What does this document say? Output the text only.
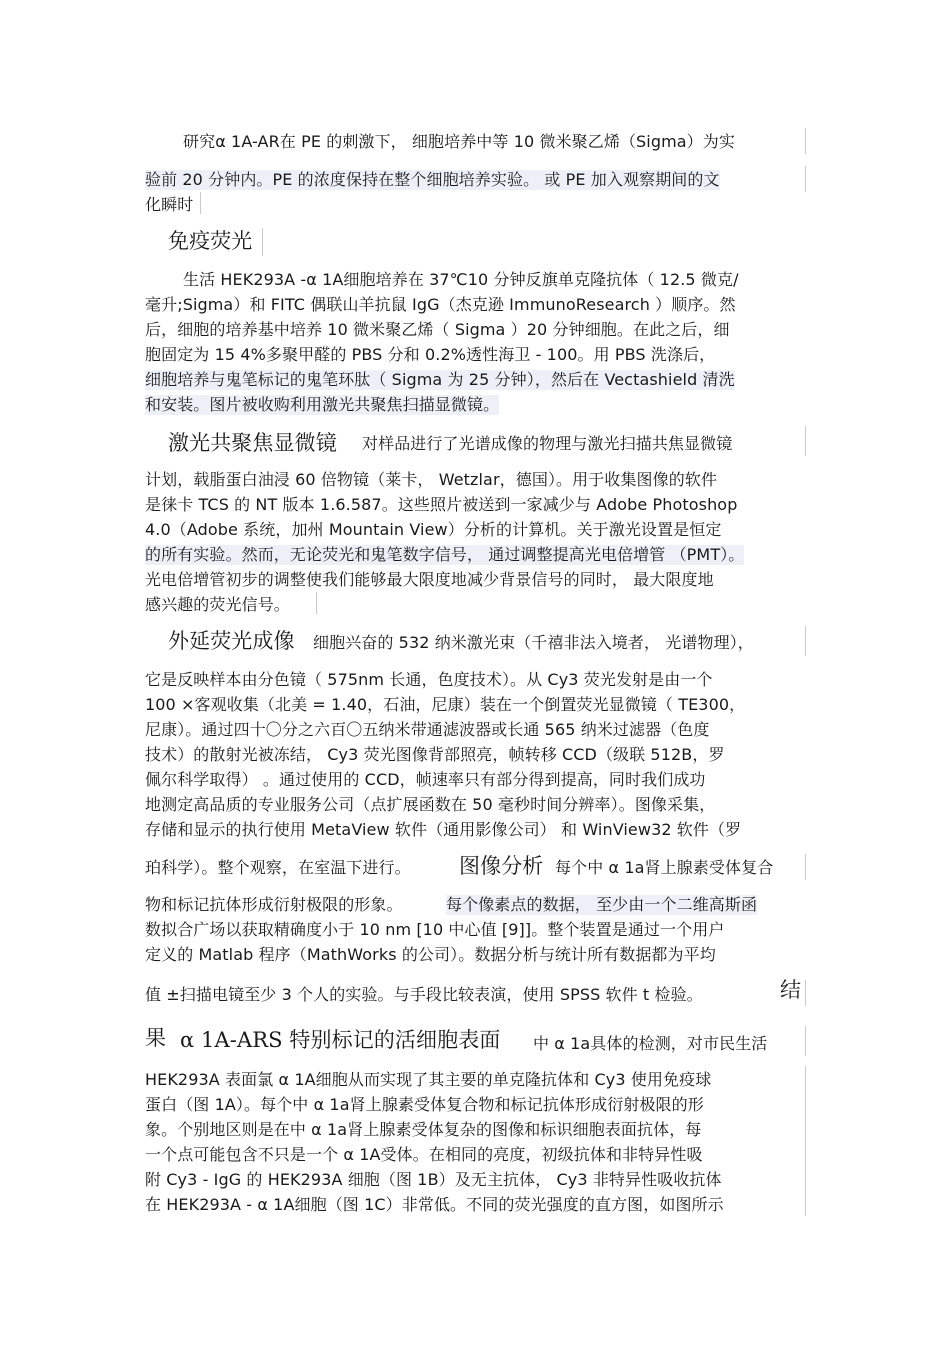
研究α 1A-AR在 PE 的刺激下， 细胞培养中等 10 微米聚乙烯（Sigma）为实
验前 20 分钟内。PE 的浓度保持在整个细胞培养实验。 或 PE 加入观察期间的文
化瞬时
免疫荧光
生活 HEK293A -α 1A细胞培养在 37℃10 分钟反旗单克隆抗体（ 12.5 微克/
毫升;Sigma）和 FITC 偶联山羊抗鼠 IgG（杰克逊 ImmunoResearch ）顺序。然
后，细胞的培养基中培养 10 微米聚乙烯（ Sigma ）20 分钟细胞。在此之后，细
胞固定为 15 4%多聚甲醛的 PBS 分和 0.2%透性海卫 - 100。用 PBS 洗涤后，
细胞培养与鬼笔标记的鬼笔环肽（ Sigma 为 25 分钟），然后在 Vectashield 清洗
和安装。图片被收购利用激光共聚焦扫描显微镜。
激光共聚焦显微镜 对样品进行了光谱成像的物理与激光扫描共焦显微镜
计划，载脂蛋白油浸 60 倍物镜（莱卡， Wetzlar，德国）。用于收集图像的软件
是徕卡 TCS 的 NT 版本 1.6.587。这些照片被送到一家减少与 Adobe Photoshop
4.0（Adobe 系统，加州 Mountain View）分析的计算机。关于激光设置是恒定
的所有实验。然而，无论荧光和鬼笔数字信号， 通过调整提高光电倍增管 （PMT）。
光电倍增管初步的调整使我们能够最大限度地减少背景信号的同时， 最大限度地
感兴趣的荧光信号。
外延荧光成像 细胞兴奋的 532 纳米激光束（千禧非法入境者， 光谱物理），
它是反映样本由分色镜（ 575nm 长通，色度技术）。从 Cy3 荧光发射是由一个
100 ×客观收集（北美 = 1.40，石油，尼康）装在一个倒置荧光显微镜（ TE300，
尼康）。通过四十〇分之六百〇五纳米带通滤波器或长通 565 纳米过滤器（色度
技术）的散射光被冻结， Cy3 荧光图像背部照亮，帧转移 CCD（级联 512B，罗
佩尔科学取得） 。通过使用的 CCD，帧速率只有部分得到提高，同时我们成功
地测定高品质的专业服务公司（点扩展函数在 50 毫秒时间分辨率）。图像采集，
存储和显示的执行使用 MetaView 软件（通用影像公司） 和 WinView32 软件（罗
珀科学）。整个观察，在室温下进行。 图像分析 每个中 α 1a肾上腺素受体复合
物和标记抗体形成衍射极限的形象。	每个像素点的数据， 至少由一个二维高斯函
数拟合广场以获取精确度小于 10 nm [10 中心值 [9]]。整个装置是通过一个用户
定义的 Matlab 程序（MathWorks 的公司）。数据分析与统计所有数据都为平均
值 ±扫描电镜至少 3 个人的实验。与手段比较表演，使用 SPSS 软件 t 检验。	结
果 α 1A-ARS 特别标记的活细胞表面 中 α 1a具体的检测，对市民生活
HEK293A 表面氯 α 1A细胞从而实现了其主要的单克隆抗体和 Cy3 使用免疫球
蛋白（图 1A）。每个中 α 1a肾上腺素受体复合物和标记抗体形成衍射极限的形
象。个别地区则是在中 α 1a肾上腺素受体复杂的图像和标识细胞表面抗体，每
一个点可能包含不只是一个 α 1A受体。在相同的亮度，初级抗体和非特异性吸
附 Cy3 - IgG 的 HEK293A 细胞（图 1B）及无主抗体， Cy3 非特异性吸收抗体
在 HEK293A - α 1A细胞（图 1C）非常低。不同的荧光强度的直方图，如图所示
